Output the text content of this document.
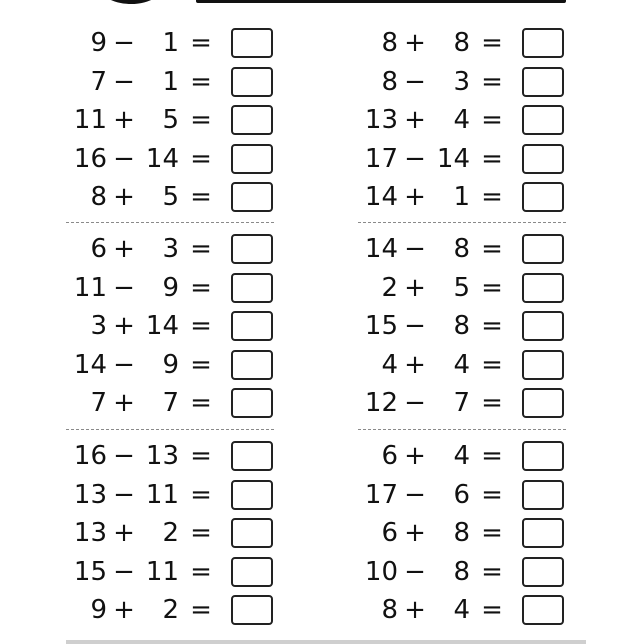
9 −	1 =
7 −	1 =
11 +	5 =
16 − 14 =
8 +	5 =
6 +	3 =
11 −	9 =
3 + 14 =
14 −	9 =
7 +	7 =
16 − 13 =
13 − 11 =
13 +	2 =
15 − 11 =
9 +	2 =
8 +	8 =
8 −	3 =
13 +	4 =
17 − 14 =
14 +	1 =
14 −	8 =
2 +	5 =
15 −	8 =
4 +	4 =
12 −	7 =
6 +	4 =
17 −	6 =
6 +	8 =
10 −	8 =
8 +	4 =
